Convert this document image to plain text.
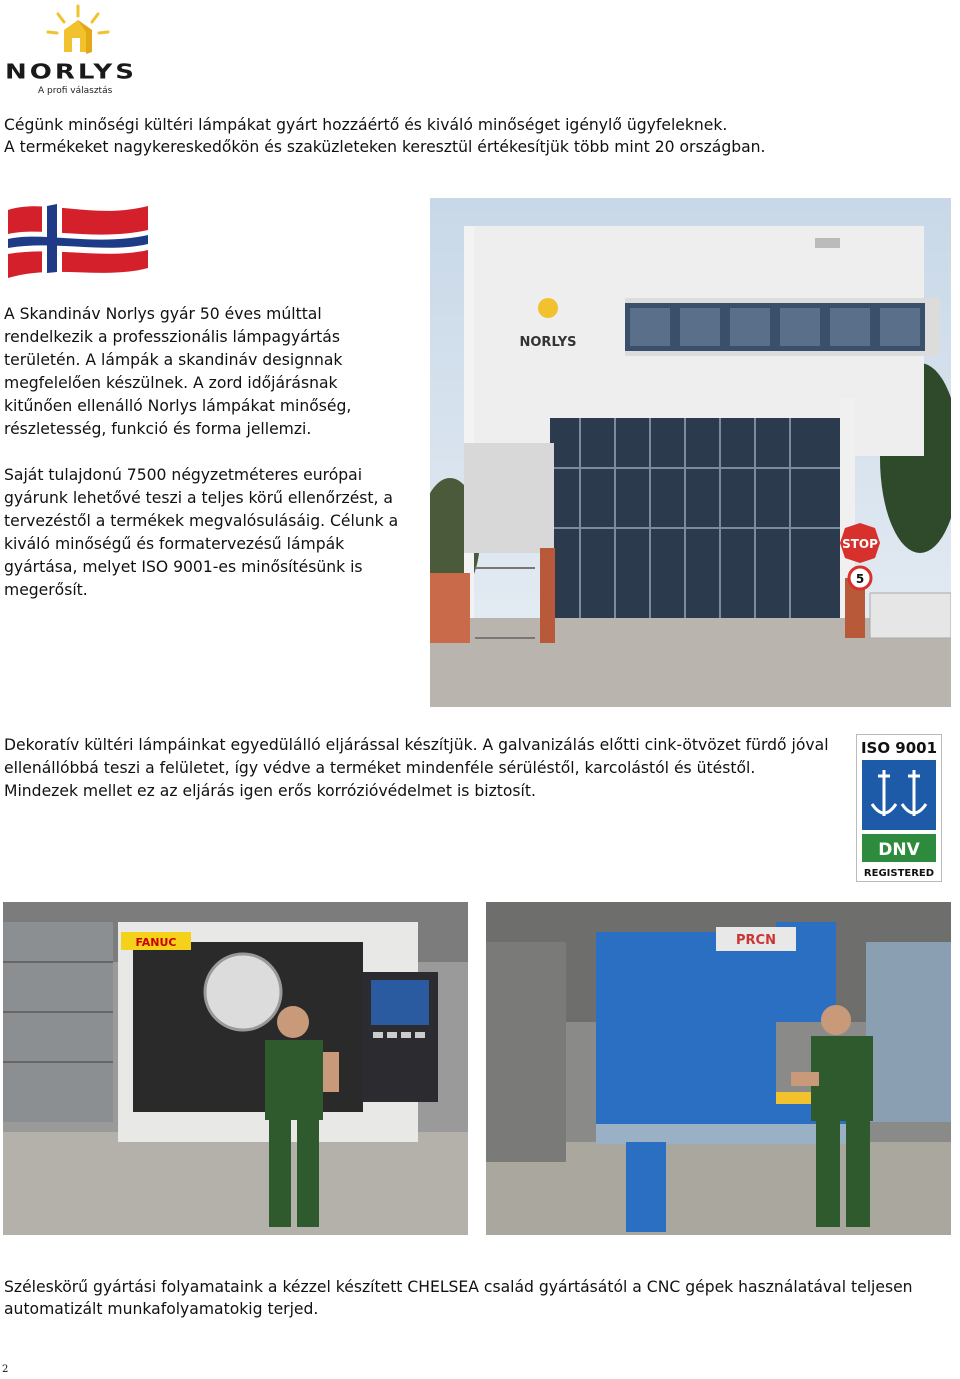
NORLYS
A profi választás
Cégünk minőségi kültéri lámpákat gyárt hozzáértő és kiváló minőséget igénylő ügyfeleknek.
A termékeket nagykereskedőkön és szaküzleteken keresztül értékesítjük több mint 20 országban.
A Skandináv Norlys gyár 50 éves múlttal rendelkezik a professzionális lámpagyártás területén. A lámpák a skandináv designnak megfelelően készülnek. A zord időjárásnak kitűnően ellenálló Norlys lámpákat minőség, részletesség, funkció és forma jellemzi.
Saját tulajdonú 7500 négyzetméteres európai gyárunk lehetővé teszi a teljes körű ellenőrzést, a tervezéstől a termékek megvalósulásáig. Célunk a kiváló minőségű és formatervezésű lámpák gyártása, melyet ISO 9001-es minősítésünk is megerősít.
STOP
5
NORLYS
Dekoratív kültéri lámpáinkat egyedülálló eljárással készítjük. A galvanizálás előtti cink-ötvözet fürdő jóval ellenállóbbá teszi a felületet, így védve a terméket mindenféle sérüléstől, karcolástól és ütéstől. Mindezek mellet ez az eljárás igen erős korrózióvédelmet is biztosít.
ISO 9001
DNV
REGISTERED
FANUC	PRCN
Széleskörű gyártási folyamataink a kézzel készített CHELSEA család gyártásától a CNC gépek használatával teljesen automatizált munkafolyamatokig terjed.
2
